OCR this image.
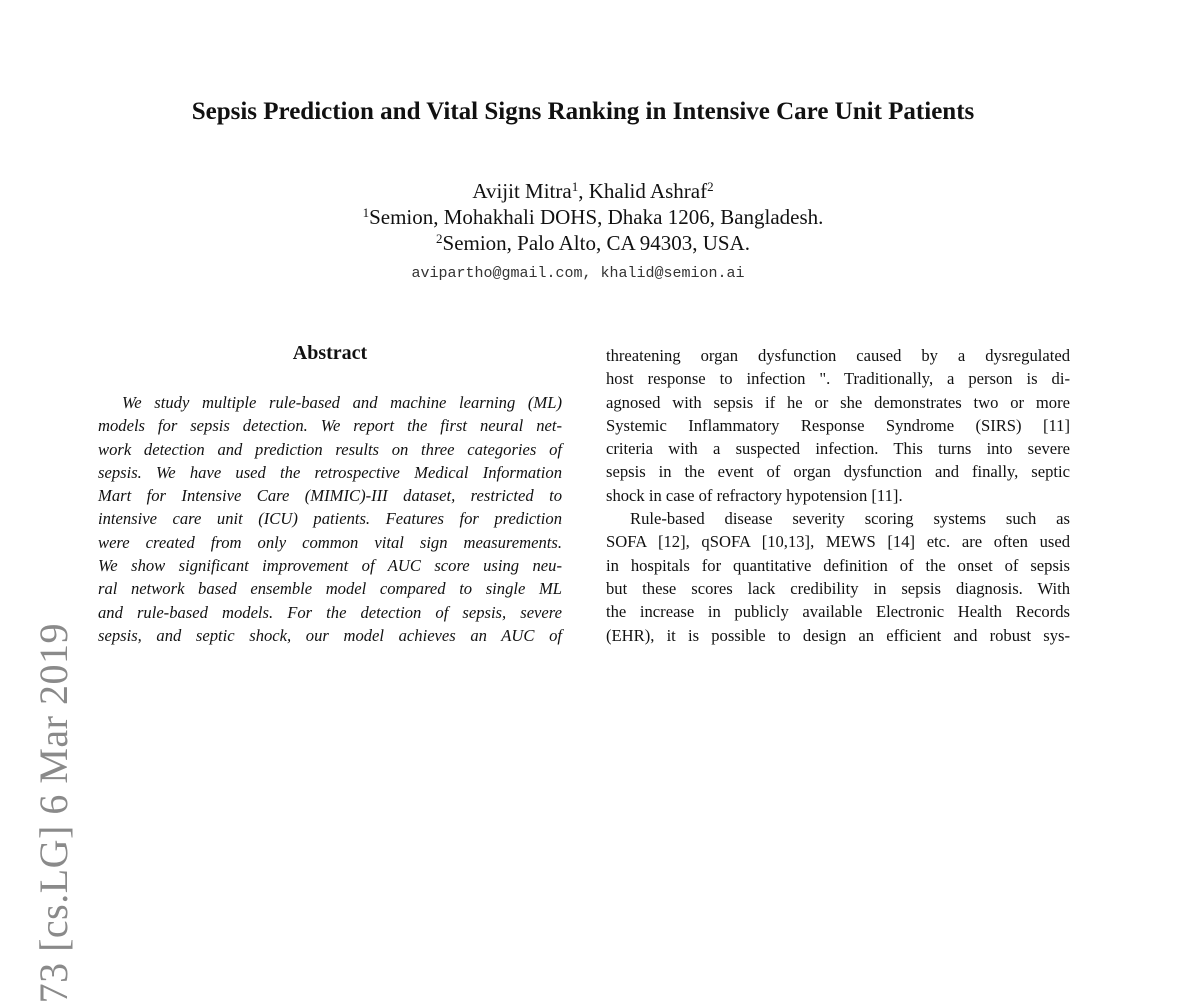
73 [cs.LG] 6 Mar 2019
Sepsis Prediction and Vital Signs Ranking in Intensive Care Unit Patients
Avijit Mitra$^1$, Khalid Ashraf$^2$
$^1$Semion, Mohakhali DOHS, Dhaka 1206, Bangladesh.
$^2$Semion, Palo Alto, CA 94303, USA.
avipartho@gmail.com, khalid@semion.ai
Abstract
We study multiple rule-based and machine learning (ML)
models for sepsis detection. We report the first neural net-
work detection and prediction results on three categories of
sepsis. We have used the retrospective Medical Information
Mart for Intensive Care (MIMIC)-III dataset, restricted to
intensive care unit (ICU) patients. Features for prediction
were created from only common vital sign measurements.
We show significant improvement of AUC score using neu-
ral network based ensemble model compared to single ML
and rule-based models. For the detection of sepsis, severe
sepsis, and septic shock, our model achieves an AUC of
threatening organ dysfunction caused by a dysregulated
host response to infection ". Traditionally, a person is di-
agnosed with sepsis if he or she demonstrates two or more
Systemic Inflammatory Response Syndrome (SIRS) [11]
criteria with a suspected infection. This turns into severe
sepsis in the event of organ dysfunction and finally, septic
shock in case of refractory hypotension [11].
Rule-based disease severity scoring systems such as
SOFA [12], qSOFA [10,13], MEWS [14] etc. are often used
in hospitals for quantitative definition of the onset of sepsis
but these scores lack credibility in sepsis diagnosis. With
the increase in publicly available Electronic Health Records
(EHR), it is possible to design an efficient and robust sys-
